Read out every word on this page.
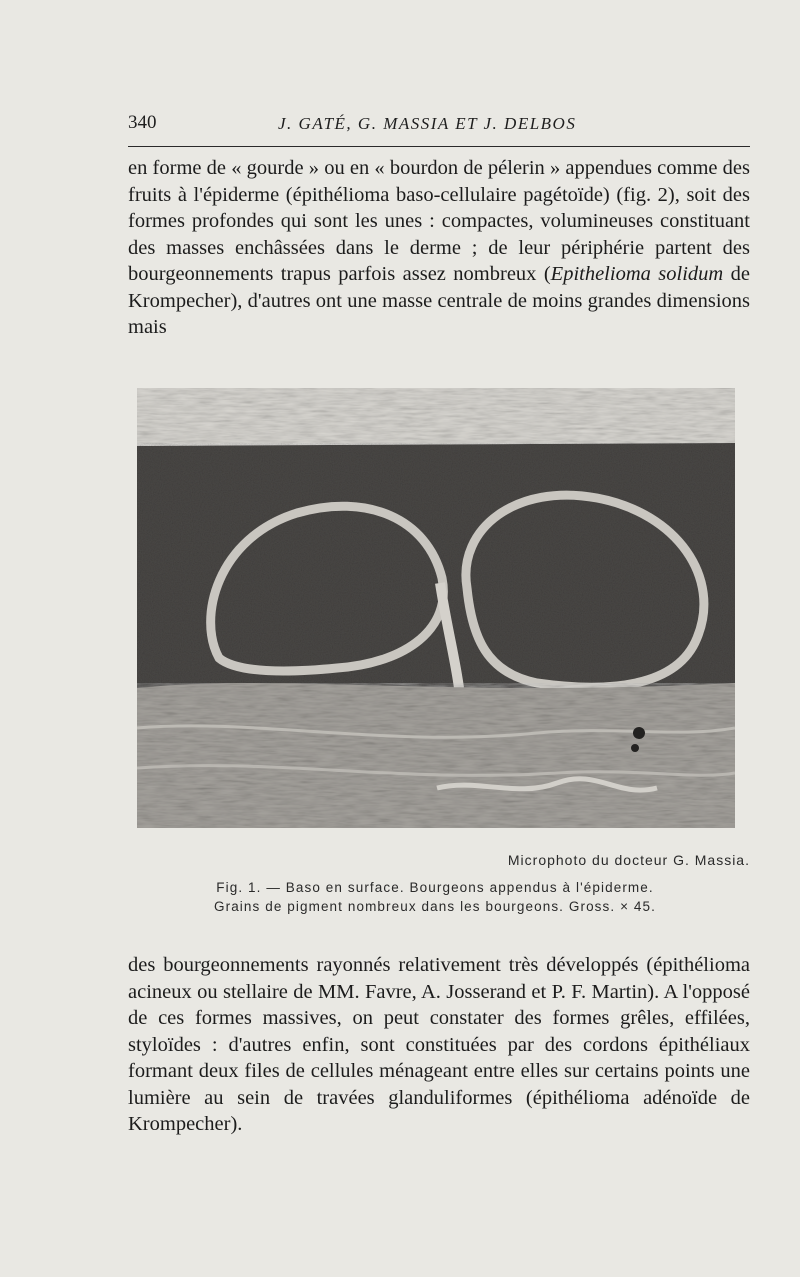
340	J. GATÉ, G. MASSIA ET J. DELBOS

en forme de « gourde » ou en « bourdon de pélerin » appendues comme des fruits à l'épiderme (épithélioma baso-cellulaire pagétoïde) (fig. 2), soit des formes profondes qui sont les unes : compactes, volumineuses constituant des masses enchâssées dans le derme ; de leur périphérie partent des bourgeonnements trapus parfois assez nombreux (Epithelioma solidum de Krompecher), d'autres ont une masse centrale de moins grandes dimensions mais

Microphoto du docteur G. Massia.
Fig. 1. — Baso en surface. Bourgeons appendus à l'épiderme.
Grains de pigment nombreux dans les bourgeons. Gross. × 45.

des bourgeonnements rayonnés relativement très développés (épithélioma acineux ou stellaire de MM. Favre, A. Josserand et P. F. Martin). A l'opposé de ces formes massives, on peut constater des formes grêles, effilées, styloïdes : d'autres enfin, sont constituées par des cordons épithéliaux formant deux files de cellules ménageant entre elles sur certains points une lumière au sein de travées glanduliformes (épithélioma adénoïde de Krompecher).
